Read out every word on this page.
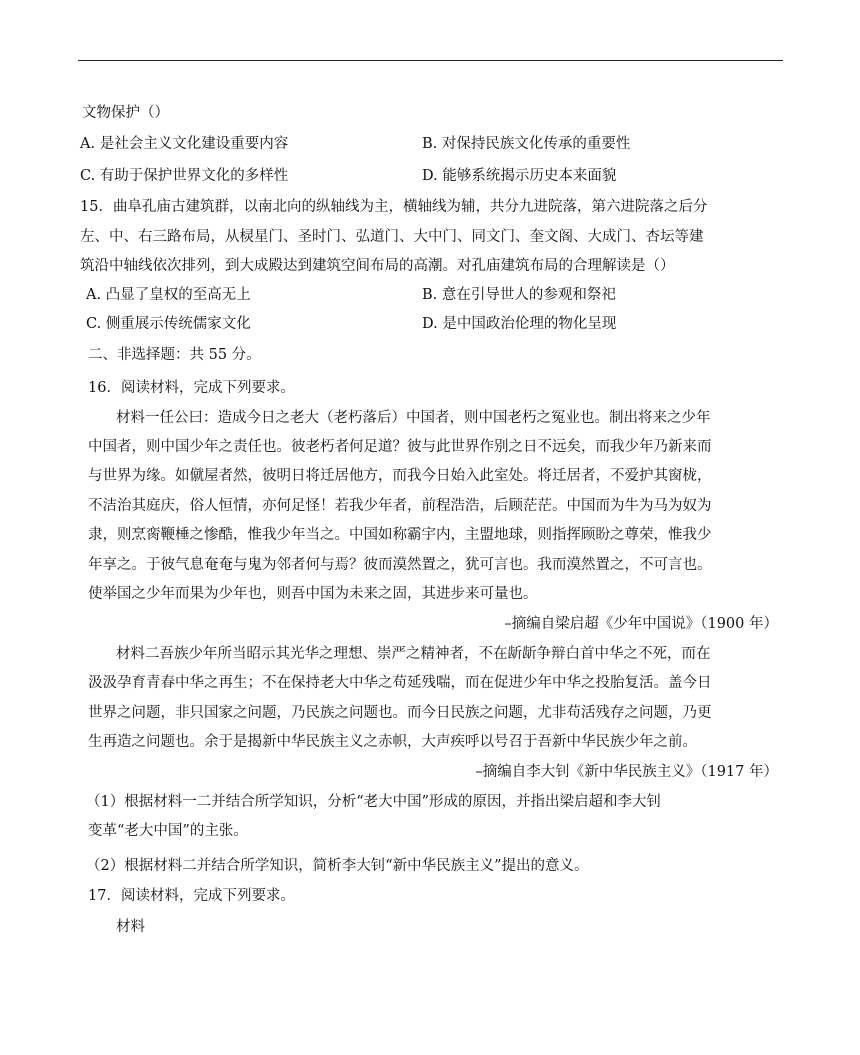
文物保护（）
A. 是社会主义文化建设重要内容	B. 对保持民族文化传承的重要性
C. 有助于保护世界文化的多样性	D. 能够系统揭示历史本来面貌
15．曲阜孔庙古建筑群，以南北向的纵轴线为主，横轴线为辅，共分九进院落，第六进院落之后分
左、中、右三路布局，从棂星门、圣时门、弘道门、大中门、同文门、奎文阁、大成门、杏坛等建
筑沿中轴线依次排列，到大成殿达到建筑空间布局的高潮。对孔庙建筑布局的合理解读是（）
A. 凸显了皇权的至高无上	B. 意在引导世人的参观和祭祀
C. 侧重展示传统儒家文化	D. 是中国政治伦理的物化呈现
二、非选择题：共 55 分。
16．阅读材料，完成下列要求。
材料一任公曰：造成今日之老大（老朽落后）中国者，则中国老朽之冤业也。制出将来之少年
中国者，则中国少年之责任也。彼老朽者何足道？彼与此世界作别之日不远矣，而我少年乃新来而
与世界为缘。如僦屋者然，彼明日将迁居他方，而我今日始入此室处。将迁居者，不爱护其窗栊，
不洁治其庭庆，俗人恒情，亦何足怪！若我少年者，前程浩浩，后顾茫茫。中国而为牛为马为奴为
隶，则烹脔鞭棰之惨酷，惟我少年当之。中国如称霸宇内，主盟地球，则指挥顾盼之尊荣，惟我少
年享之。于彼气息奄奄与鬼为邻者何与焉？彼而漠然置之，犹可言也。我而漠然置之，不可言也。
使举国之少年而果为少年也，则吾中国为未来之固，其进步来可量也。
–摘编自梁启超《少年中国说》（1900 年）
材料二吾族少年所当昭示其光华之理想、崇严之精神者，不在龂龂争辩白首中华之不死，而在
汲汲孕育青春中华之再生；不在保持老大中华之苟延残喘，而在促进少年中华之投胎复活。盖今日
世界之问题，非只国家之问题，乃民族之问题也。而今日民族之问题，尤非苟活残存之问题，乃更
生再造之问题也。余于是揭新中华民族主义之赤帜，大声疾呼以号召于吾新中华民族少年之前。
–摘编自李大钊《新中华民族主义》（1917 年）
（1）根据材料一二并结合所学知识，分析“老大中国”形成的原因，并指出梁启超和李大钊
变革“老大中国”的主张。
（2）根据材料二并结合所学知识，简析李大钊“新中华民族主义”提出的意义。
17．阅读材料，完成下列要求。
材料
